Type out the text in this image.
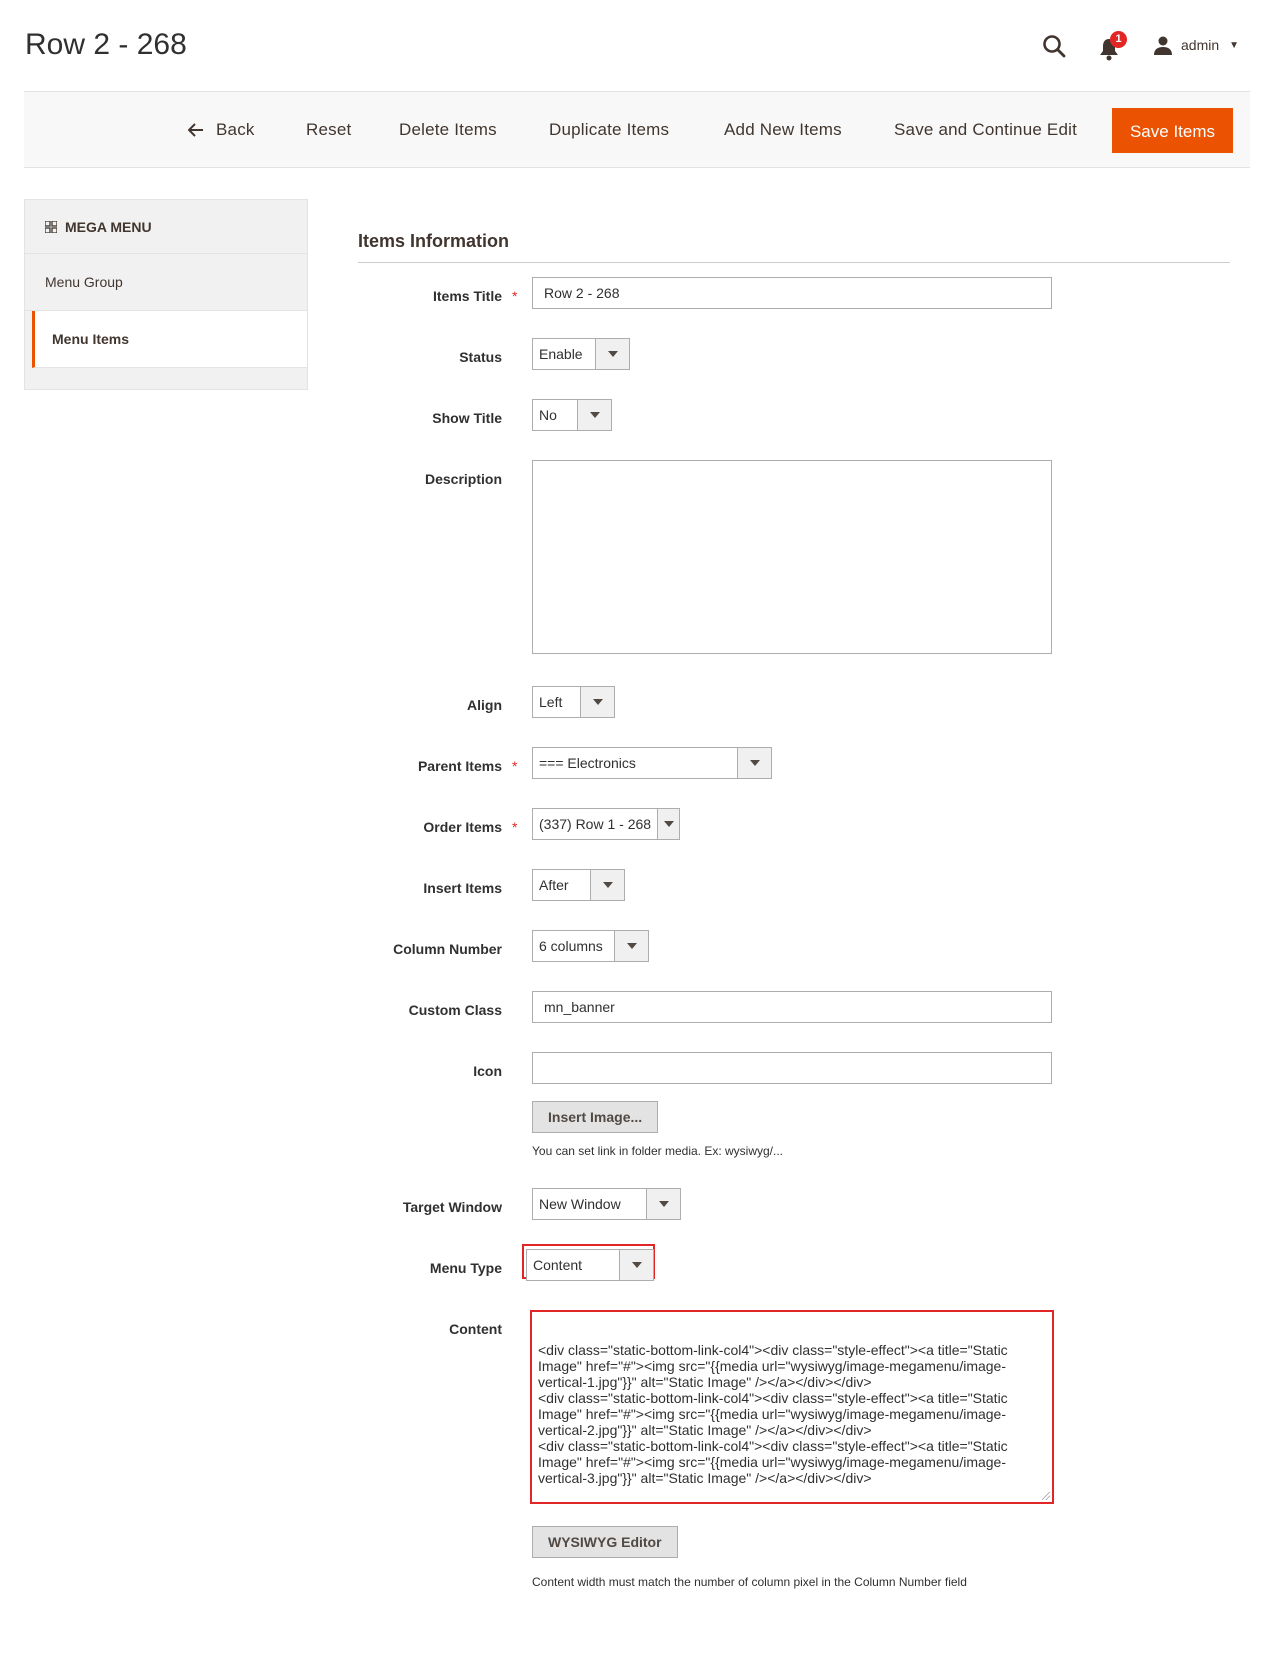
Row 2 - 268	1	admin ▼
Back	Reset	Delete Items	Duplicate Items	Add New Items	Save and Continue Edit	Save Items
MEGA MENU
Menu Group
Menu Items
Items Information
Items Title *	Row 2 - 268
Status	Enable
Show Title	No
Description
Align	Left
Parent Items *	=== Electronics
Order Items *	(337) Row 1 - 268
Insert Items	After
Column Number	6 columns
Custom Class	mn_banner
Icon
Insert Image...
You can set link in folder media. Ex: wysiwyg/...
Target Window	New Window
Menu Type	Content
Content
<div class="static-bottom-link-col4"><div class="style-effect"><a title="Static Image" href="#"><img src="{{media url="wysiwyg/image-megamenu/image-vertical-1.jpg"}}" alt="Static Image" /></a></div></div>
<div class="static-bottom-link-col4"><div class="style-effect"><a title="Static Image" href="#"><img src="{{media url="wysiwyg/image-megamenu/image-vertical-2.jpg"}}" alt="Static Image" /></a></div></div>
<div class="static-bottom-link-col4"><div class="style-effect"><a title="Static Image" href="#"><img src="{{media url="wysiwyg/image-megamenu/image-vertical-3.jpg"}}" alt="Static Image" /></a></div></div>
WYSIWYG Editor
Content width must match the number of column pixel in the Column Number field
